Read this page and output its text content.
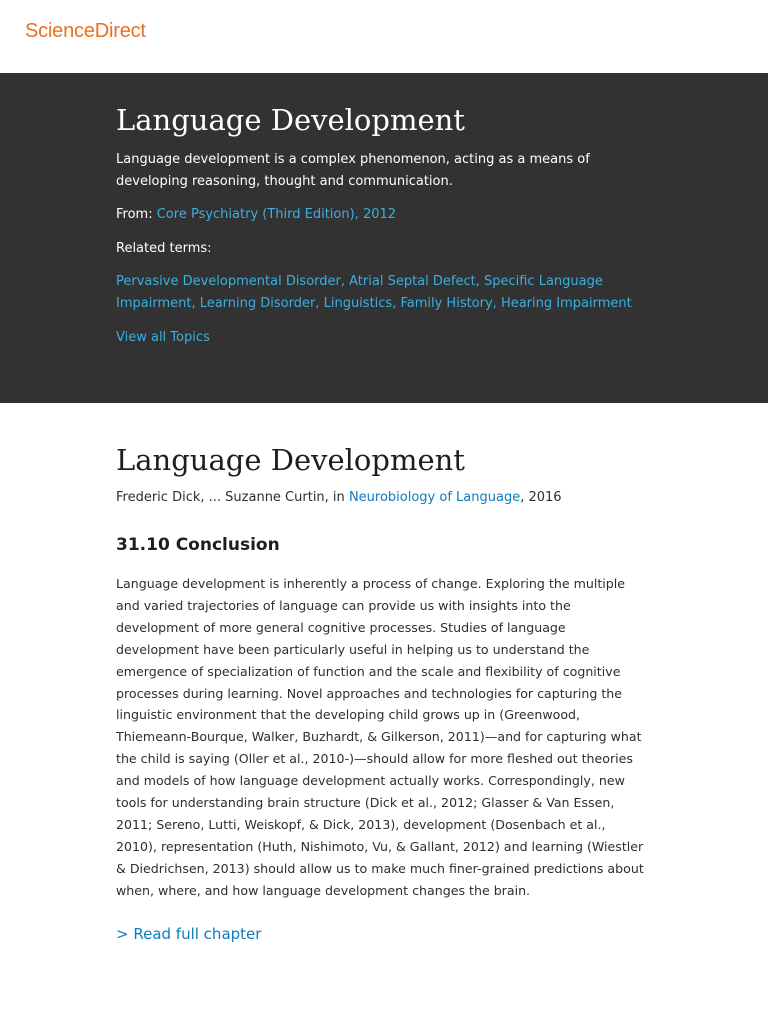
ScienceDirect
Language Development

Language development is a complex phenomenon, acting as a means of developing reasoning, thought and communication.

From: Core Psychiatry (Third Edition), 2012

Related terms:

Pervasive Developmental Disorder, Atrial Septal Defect, Specific Language Impairment, Learning Disorder, Linguistics, Family History, Hearing Impairment
View all Topics
Language Development

Frederic Dick, ... Suzanne Curtin, in Neurobiology of Language, 2016

31.10 Conclusion

Language development is inherently a process of change. Exploring the multiple and varied trajectories of language can provide us with insights into the development of more general cognitive processes. Studies of language development have been particularly useful in helping us to understand the emergence of specialization of function and the scale and flexibility of cognitive processes during learning. Novel approaches and technologies for capturing the linguistic environment that the developing child grows up in (Greenwood, Thiemeann-Bourque, Walker, Buzhardt, & Gilkerson, 2011)—and for capturing what the child is saying (Oller et al., 2010-)—should allow for more fleshed out theories and models of how language development actually works. Correspondingly, new tools for understanding brain structure (Dick et al., 2012; Glasser & Van Essen, 2011; Sereno, Lutti, Weiskopf, & Dick, 2013), development (Dosenbach et al., 2010), representation (Huth, Nishimoto, Vu, & Gallant, 2012) and learning (Wiestler & Diedrichsen, 2013) should allow us to make much finer-grained predictions about when, where, and how language development changes the brain.

> Read full chapter
